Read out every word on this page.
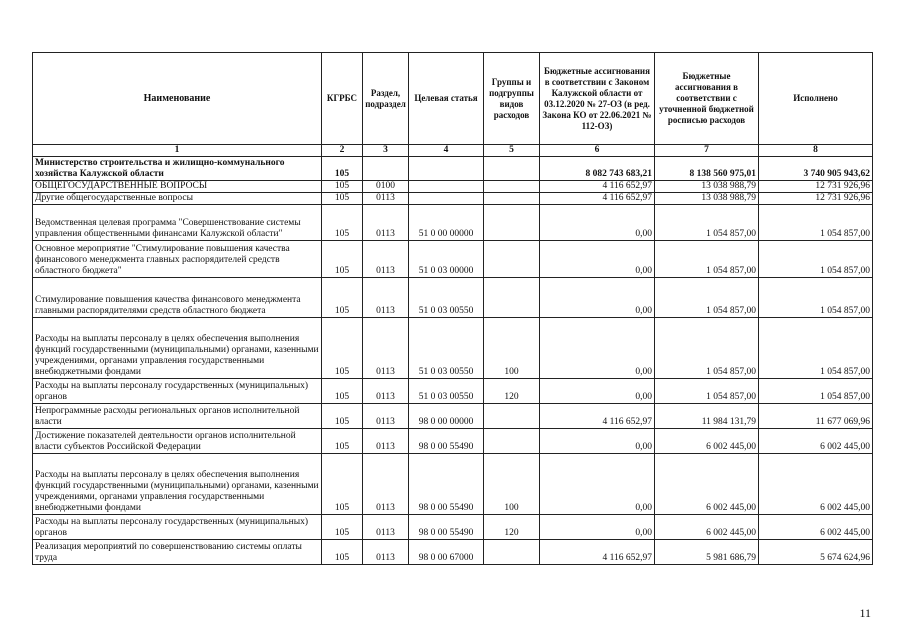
Наименование	КГРБС	Раздел, подраздел	Целевая статья	Группы и подгруппы видов расходов	Бюджетные ассигнования в соответствии с Законом Калужской области от 03.12.2020 № 27-ОЗ (в ред. Закона КО от 22.06.2021 № 112-ОЗ)	Бюджетные ассигнования в соответствии с уточненной бюджетной росписью расходов	Исполнено
1	2	3	4	5	6	7	8
Министерство строительства и жилищно-коммунального хозяйства Калужской области	105				8 082 743 683,21	8 138 560 975,01	3 740 905 943,62
ОБЩЕГОСУДАРСТВЕННЫЕ ВОПРОСЫ	105	0100			4 116 652,97	13 038 988,79	12 731 926,96
Другие общегосударственные вопросы	105	0113			4 116 652,97	13 038 988,79	12 731 926,96
Ведомственная целевая программа "Совершенствование системы управления общественными финансами Калужской области"	105	0113	51 0 00 00000		0,00	1 054 857,00	1 054 857,00
Основное мероприятие "Стимулирование повышения качества финансового менеджмента главных распорядителей средств областного бюджета"	105	0113	51 0 03 00000		0,00	1 054 857,00	1 054 857,00
Стимулирование повышения качества финансового менеджмента главными распорядителями средств областного бюджета	105	0113	51 0 03 00550		0,00	1 054 857,00	1 054 857,00
Расходы на выплаты персоналу в целях обеспечения выполнения функций государственными (муниципальными) органами, казенными учреждениями, органами управления государственными внебюджетными фондами	105	0113	51 0 03 00550	100	0,00	1 054 857,00	1 054 857,00
Расходы на выплаты персоналу государственных (муниципальных) органов	105	0113	51 0 03 00550	120	0,00	1 054 857,00	1 054 857,00
Непрограммные расходы региональных органов исполнительной власти	105	0113	98 0 00 00000		4 116 652,97	11 984 131,79	11 677 069,96
Достижение показателей деятельности органов исполнительной власти субъектов Российской Федерации	105	0113	98 0 00 55490		0,00	6 002 445,00	6 002 445,00
Расходы на выплаты персоналу в целях обеспечения выполнения функций государственными (муниципальными) органами, казенными учреждениями, органами управления государственными внебюджетными фондами	105	0113	98 0 00 55490	100	0,00	6 002 445,00	6 002 445,00
Расходы на выплаты персоналу государственных (муниципальных) органов	105	0113	98 0 00 55490	120	0,00	6 002 445,00	6 002 445,00
Реализация мероприятий по совершенствованию системы оплаты труда	105	0113	98 0 00 67000		4 116 652,97	5 981 686,79	5 674 624,96
11
